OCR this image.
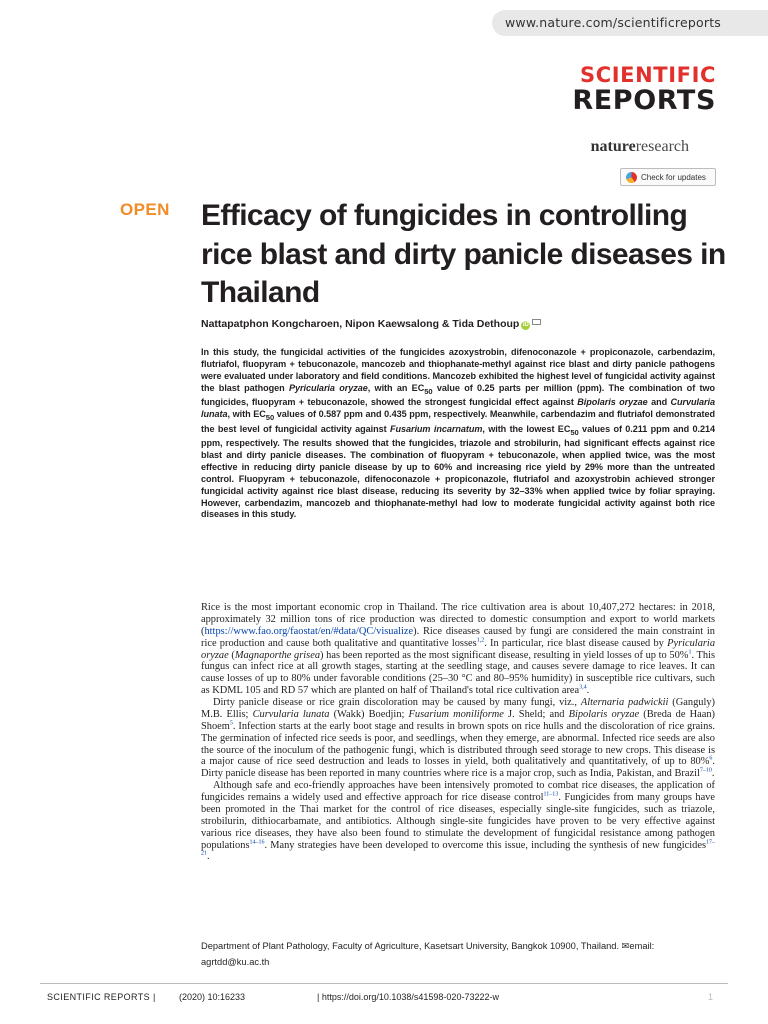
www.nature.com/scientificreports
SCIENTIFIC
REPORTS
natureresearch
Check for updates
OPEN Efficacy of fungicides in controlling rice blast and dirty panicle diseases in Thailand
Nattapatphon Kongcharoen, Nipon Kaewsalong & Tida Dethoup iD
In this study, the fungicidal activities of the fungicides azoxystrobin, difenoconazole + propiconazole, carbendazim, flutriafol, fluopyram + tebuconazole, mancozeb and thiophanate-methyl against rice blast and dirty panicle pathogens were evaluated under laboratory and field conditions. Mancozeb exhibited the highest level of fungicidal activity against the blast pathogen Pyricularia oryzae, with an $EC_{50}$ value of 0.25 parts per million (ppm). The combination of two fungicides, fluopyram + tebuconazole, showed the strongest fungicidal effect against Bipolaris oryzae and Curvularia lunata, with $EC_{50}$ values of 0.587 ppm and 0.435 ppm, respectively. Meanwhile, carbendazim and flutriafol demonstrated the best level of fungicidal activity against Fusarium incarnatum, with the lowest $EC_{50}$ values of 0.211 ppm and 0.214 ppm, respectively. The results showed that the fungicides, triazole and strobilurin, had significant effects against rice blast and dirty panicle diseases. The combination of fluopyram + tebuconazole, when applied twice, was the most effective in reducing dirty panicle disease by up to 60% and increasing rice yield by 29% more than the untreated control. Fluopyram + tebuconazole, difenoconazole + propiconazole, flutriafol and azoxystrobin achieved stronger fungicidal activity against rice blast disease, reducing its severity by 32–33% when applied twice by foliar spraying. However, carbendazim, mancozeb and thiophanate-methyl had low to moderate fungicidal activity against both rice diseases in this study.

Rice is the most important economic crop in Thailand. The rice cultivation area is about 10,407,272 hectares: in 2018, approximately 32 million tons of rice production was directed to domestic consumption and export to world markets (https://www.fao.org/faostat/en/#data/QC/visualize). Rice diseases caused by fungi are considered the main constraint in rice production and cause both qualitative and quantitative losses$^{1,2}$. In particular, rice blast disease caused by Pyricularia oryzae (Magnaporthe grisea) has been reported as the most significant disease, resulting in yield losses of up to 50%$^1$. This fungus can infect rice at all growth stages, starting at the seedling stage, and causes severe damage to rice leaves. It can cause losses of up to 80% under favorable conditions (25–30 °C and 80–95% humidity) in susceptible rice cultivars, such as KDML 105 and RD 57 which are planted on half of Thailand's total rice cultivation area$^{3,4}$.

Dirty panicle disease or rice grain discoloration may be caused by many fungi, viz., Alternaria padwickii (Ganguly) M.B. Ellis; Curvularia lunata (Wakk) Boedjin; Fusarium moniliforme J. Sheld; and Bipolaris oryzae (Breda de Haan) Shoem$^5$. Infection starts at the early boot stage and results in brown spots on rice hulls and the discoloration of rice grains. The germination of infected rice seeds is poor, and seedlings, when they emerge, are abnormal. Infected rice seeds are also the source of the inoculum of the pathogenic fungi, which is distributed through seed storage to new crops. This disease is a major cause of rice seed destruction and leads to losses in yield, both qualitatively and quantitatively, of up to 80%$^6$. Dirty panicle disease has been reported in many countries where rice is a major crop, such as India, Pakistan, and Brazil$^{7-10}$.

Although safe and eco-friendly approaches have been intensively promoted to combat rice diseases, the application of fungicides remains a widely used and effective approach for rice disease control$^{11-13}$. Fungicides from many groups have been promoted in the Thai market for the control of rice diseases, especially single-site fungicides, such as triazole, strobilurin, dithiocarbamate, and antibiotics. Although single-site fungicides have proven to be very effective against various rice diseases, they have also been found to stimulate the development of fungicidal resistance among pathogen populations$^{14-16}$. Many strategies have been developed to overcome this issue, including the synthesis of new fungicides$^{17-21}$.

Department of Plant Pathology, Faculty of Agriculture, Kasetsart University, Bangkok 10900, Thailand. ✉email: agrtdd@ku.ac.th
SCIENTIFIC REPORTS |	(2020) 10:16233	| https://doi.org/10.1038/s41598-020-73222-w	1
